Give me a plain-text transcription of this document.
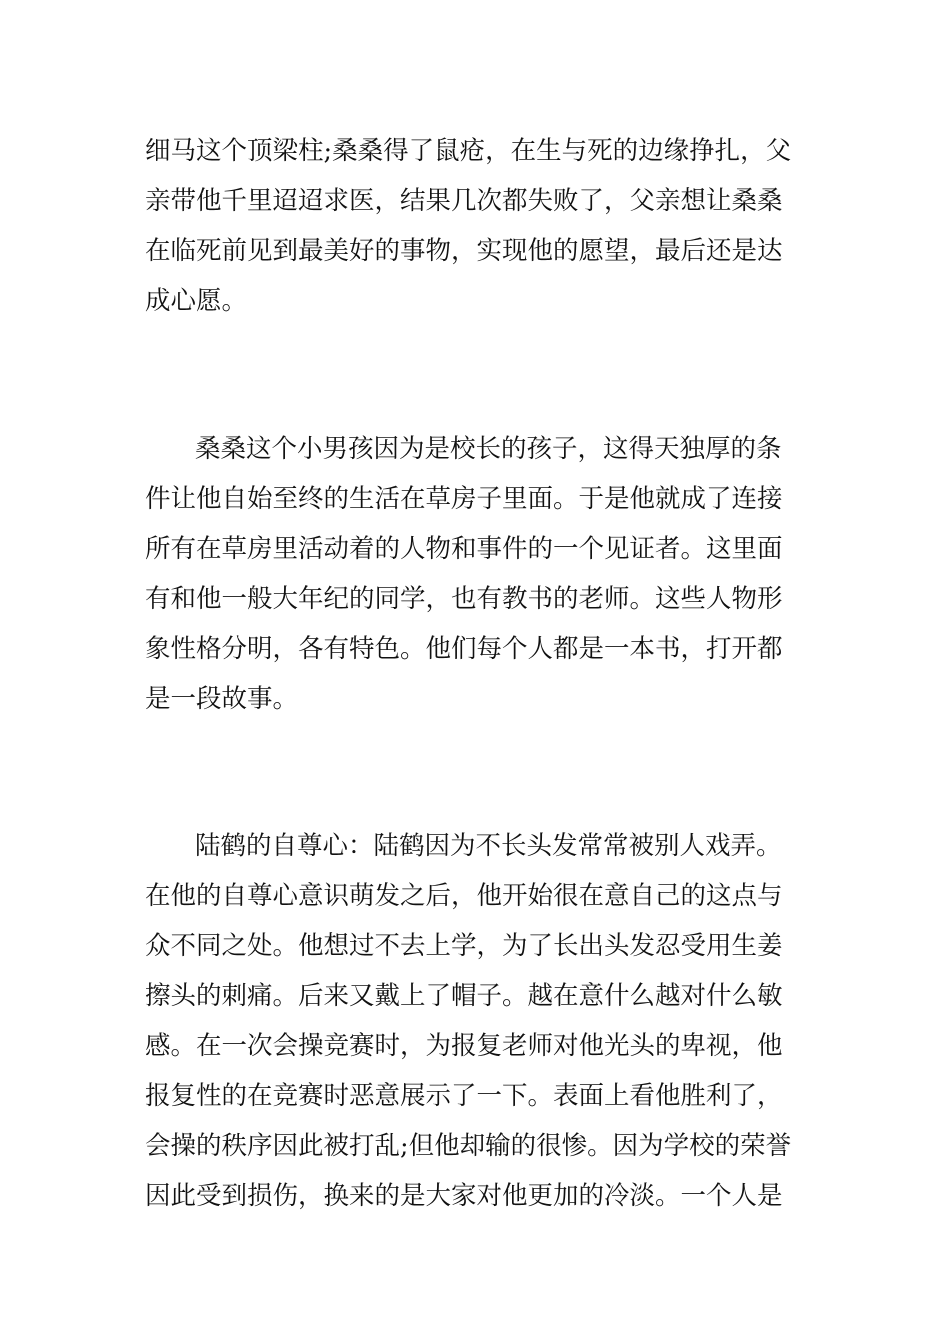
细马这个顶梁柱;桑桑得了鼠疮，在生与死的边缘挣扎，父
亲带他千里迢迢求医，结果几次都失败了，父亲想让桑桑
在临死前见到最美好的事物，实现他的愿望，最后还是达
成心愿。
桑桑这个小男孩因为是校长的孩子，这得天独厚的条
件让他自始至终的生活在草房子里面。于是他就成了连接
所有在草房里活动着的人物和事件的一个见证者。这里面
有和他一般大年纪的同学，也有教书的老师。这些人物形
象性格分明，各有特色。他们每个人都是一本书，打开都
是一段故事。
陆鹤的自尊心：陆鹤因为不长头发常常被别人戏弄。
在他的自尊心意识萌发之后，他开始很在意自己的这点与
众不同之处。他想过不去上学，为了长出头发忍受用生姜
擦头的刺痛。后来又戴上了帽子。越在意什么越对什么敏
感。在一次会操竞赛时，为报复老师对他光头的卑视，他
报复性的在竞赛时恶意展示了一下。表面上看他胜利了，
会操的秩序因此被打乱;但他却输的很惨。因为学校的荣誉
因此受到损伤，换来的是大家对他更加的冷淡。一个人是
